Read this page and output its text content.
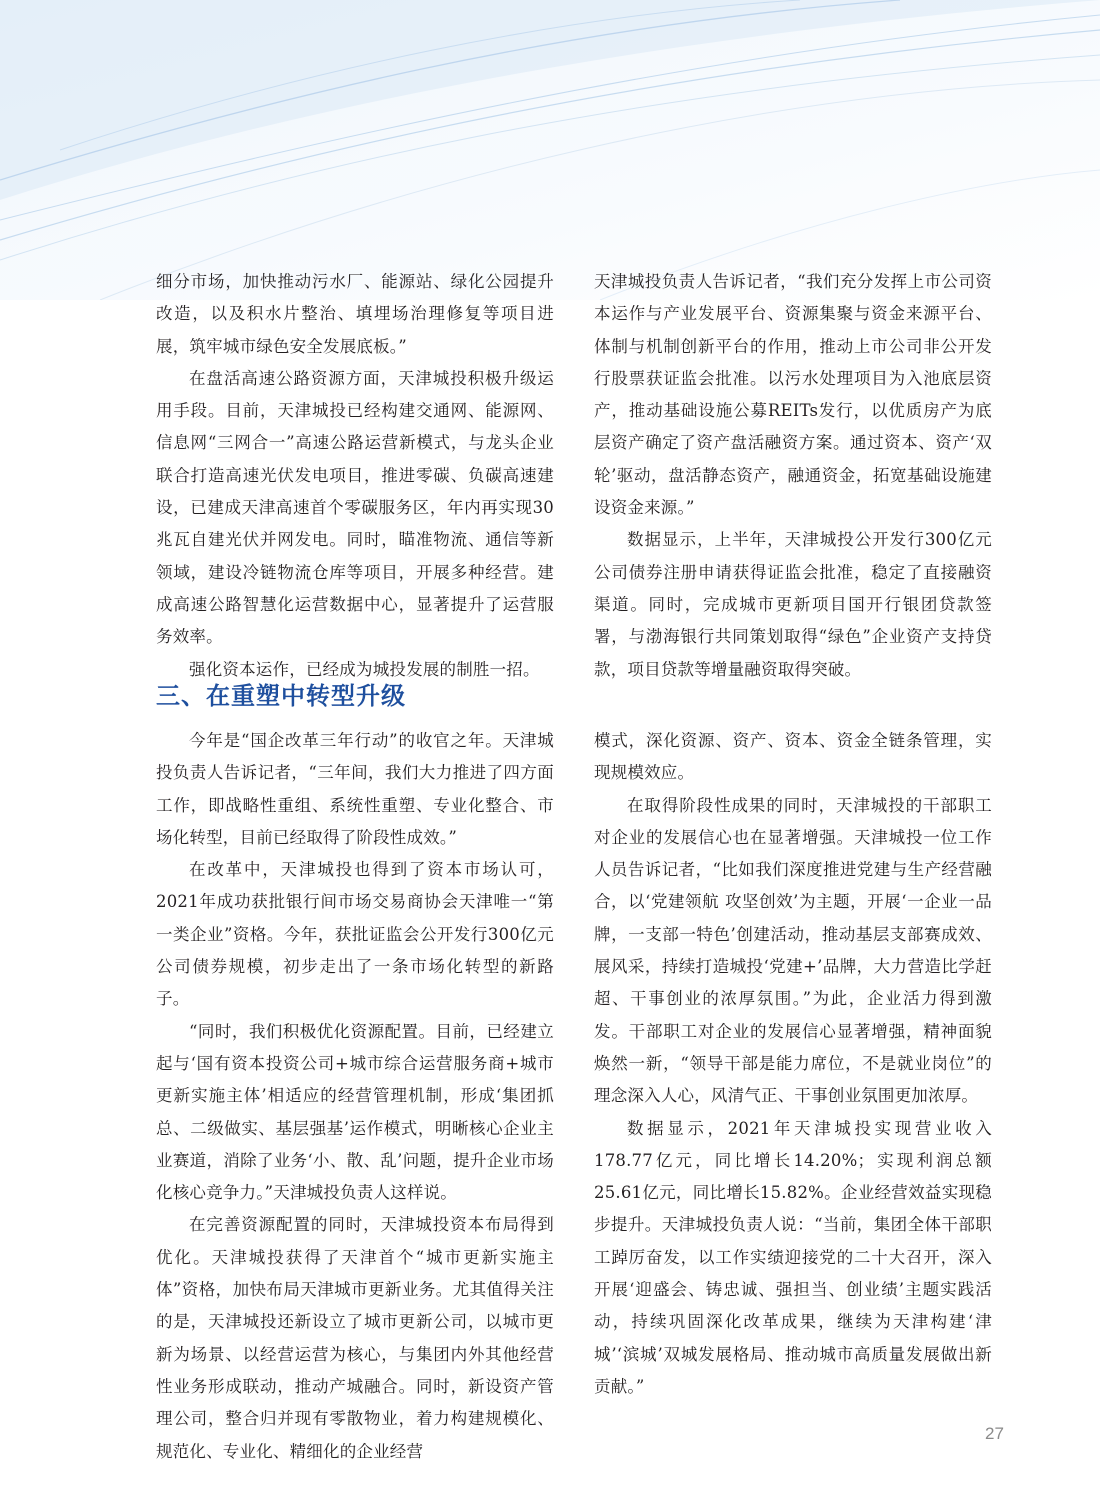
细分市场，加快推动污水厂、能源站、绿化公园提升改造，以及积水片整治、填埋场治理修复等项目进展，筑牢城市绿色安全发展底板。”

在盘活高速公路资源方面，天津城投积极升级运用手段。目前，天津城投已经构建交通网、能源网、信息网“三网合一”高速公路运营新模式，与龙头企业联合打造高速光伏发电项目，推进零碳、负碳高速建设，已建成天津高速首个零碳服务区，年内再实现30兆瓦自建光伏并网发电。同时，瞄准物流、通信等新领域，建设冷链物流仓库等项目，开展多种经营。建成高速公路智慧化运营数据中心，显著提升了运营服务效率。

强化资本运作，已经成为城投发展的制胜一招。

天津城投负责人告诉记者，“我们充分发挥上市公司资本运作与产业发展平台、资源集聚与资金来源平台、体制与机制创新平台的作用，推动上市公司非公开发行股票获证监会批准。以污水处理项目为入池底层资产，推动基础设施公募REITs发行，以优质房产为底层资产确定了资产盘活融资方案。通过资本、资产‘双轮’驱动，盘活静态资产，融通资金，拓宽基础设施建设资金来源。”

数据显示，上半年，天津城投公开发行300亿元公司债券注册申请获得证监会批准，稳定了直接融资渠道。同时，完成城市更新项目国开行银团贷款签署，与渤海银行共同策划取得“绿色”企业资产支持贷款，项目贷款等增量融资取得突破。

三、在重塑中转型升级

今年是“国企改革三年行动”的收官之年。天津城投负责人告诉记者，“三年间，我们大力推进了四方面工作，即战略性重组、系统性重塑、专业化整合、市场化转型，目前已经取得了阶段性成效。”

在改革中，天津城投也得到了资本市场认可，2021年成功获批银行间市场交易商协会天津唯一“第一类企业”资格。今年，获批证监会公开发行300亿元公司债券规模，初步走出了一条市场化转型的新路子。

“同时，我们积极优化资源配置。目前，已经建立起与‘国有资本投资公司+城市综合运营服务商+城市更新实施主体’相适应的经营管理机制，形成‘集团抓总、二级做实、基层强基’运作模式，明晰核心企业主业赛道，消除了业务‘小、散、乱’问题，提升企业市场化核心竞争力。”天津城投负责人这样说。

在完善资源配置的同时，天津城投资本布局得到优化。天津城投获得了天津首个“城市更新实施主体”资格，加快布局天津城市更新业务。尤其值得关注的是，天津城投还新设立了城市更新公司，以城市更新为场景、以经营运营为核心，与集团内外其他经营性业务形成联动，推动产城融合。同时，新设资产管理公司，整合归并现有零散物业，着力构建规模化、规范化、专业化、精细化的企业经营

模式，深化资源、资产、资本、资金全链条管理，实现规模效应。

在取得阶段性成果的同时，天津城投的干部职工对企业的发展信心也在显著增强。天津城投一位工作人员告诉记者，“比如我们深度推进党建与生产经营融合，以‘党建领航 攻坚创效’为主题，开展‘一企业一品牌，一支部一特色’创建活动，推动基层支部赛成效、展风采，持续打造城投‘党建+’品牌，大力营造比学赶超、干事创业的浓厚氛围。”为此，企业活力得到激发。干部职工对企业的发展信心显著增强，精神面貌焕然一新，“领导干部是能力席位，不是就业岗位”的理念深入人心，风清气正、干事创业氛围更加浓厚。

数据显示，2021年天津城投实现营业收入178.77亿元，同比增长14.20%；实现利润总额25.61亿元，同比增长15.82%。企业经营效益实现稳步提升。天津城投负责人说：“当前，集团全体干部职工踔厉奋发，以工作实绩迎接党的二十大召开，深入开展‘迎盛会、铸忠诚、强担当、创业绩’主题实践活动，持续巩固深化改革成果，继续为天津构建‘津城’‘滨城’双城发展格局、推动城市高质量发展做出新贡献。”

27
